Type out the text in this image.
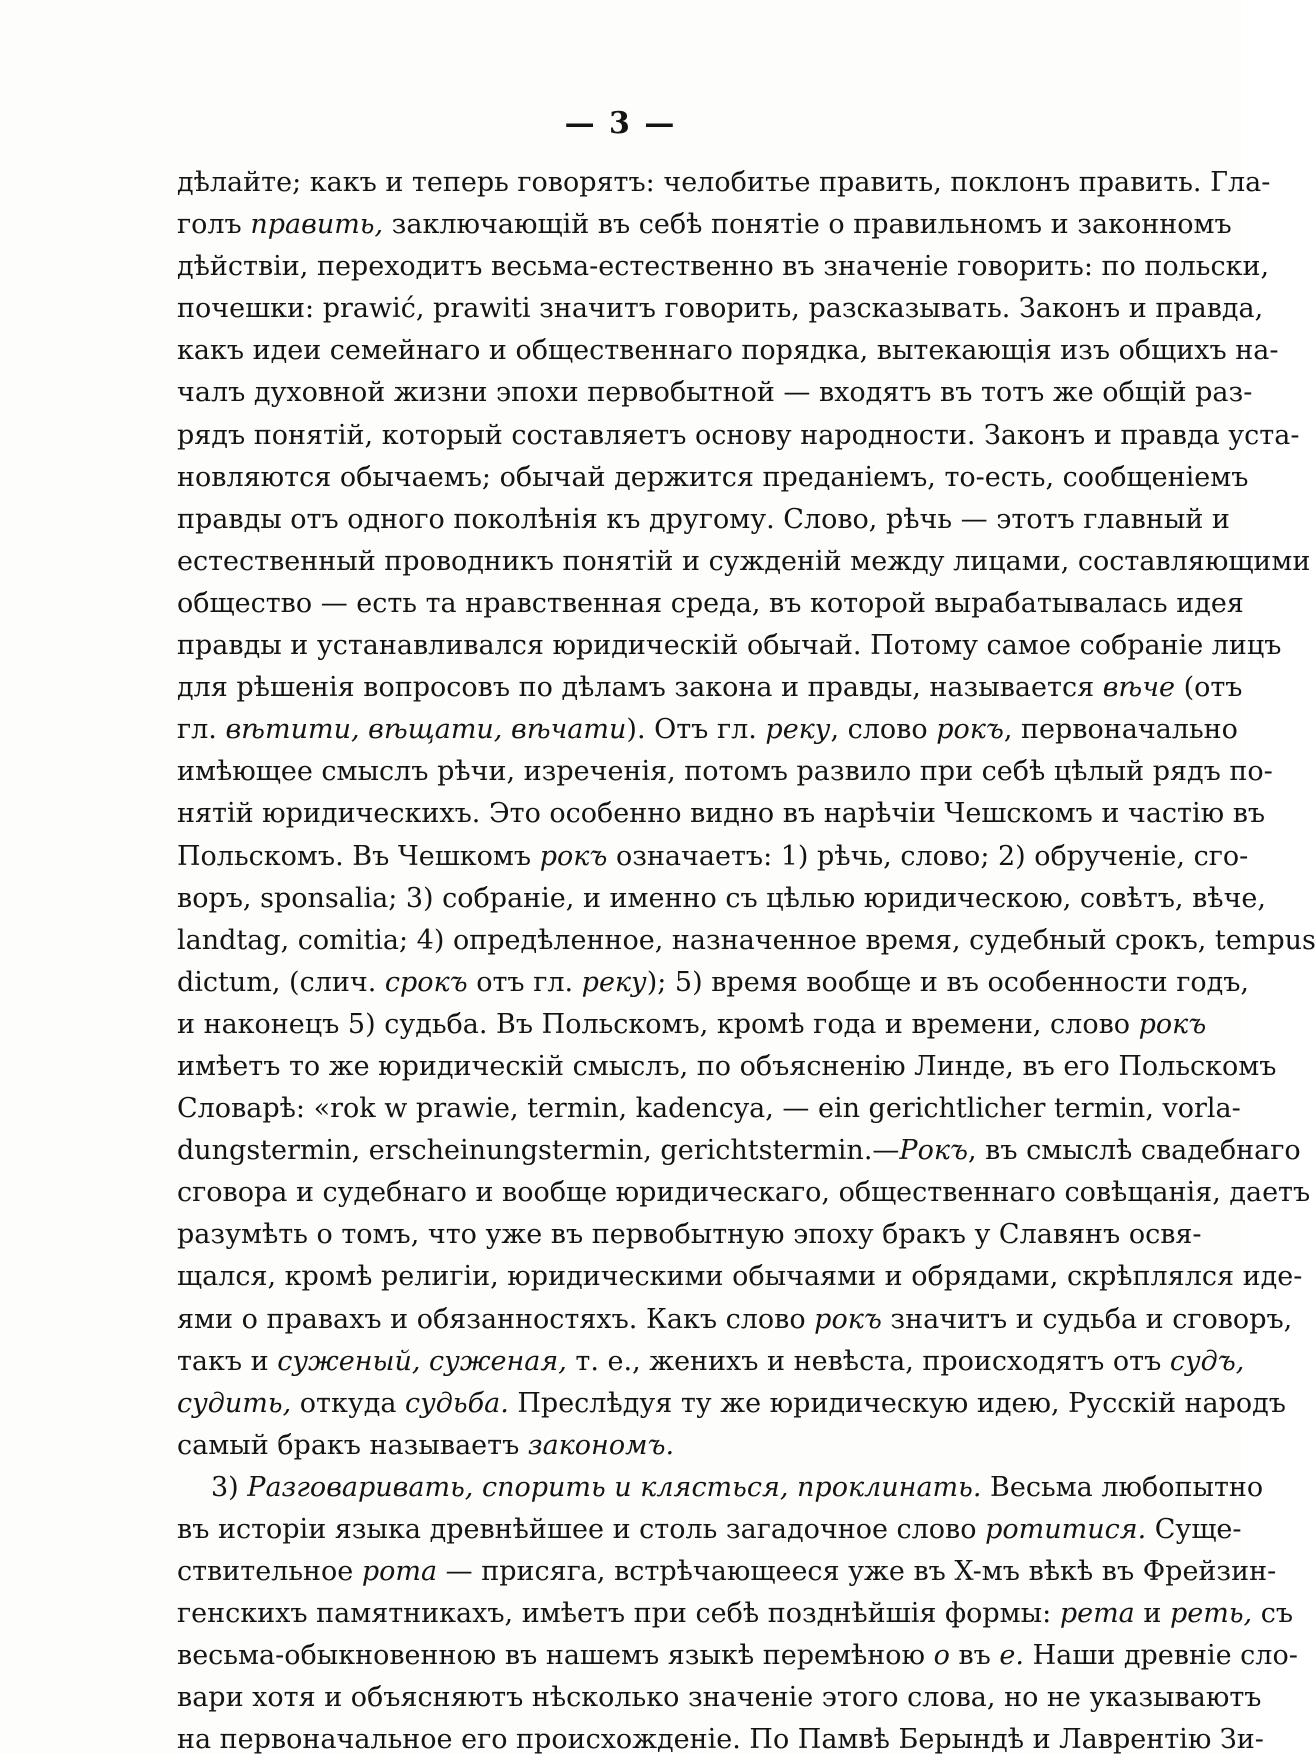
— 3 —
дѣлайте; какъ и теперь говорятъ: челобитье править, поклонъ править. Гла-
голъ править, заключающій въ себѣ понятіе о правильномъ и законномъ
дѣйствіи, переходитъ весьма-естественно въ значеніе говорить: по польски,
почешки: prawić, prawiti значитъ говорить, разсказывать. Законъ и правда,
какъ идеи семейнаго и общественнаго порядка, вытекающія изъ общихъ на-
чалъ духовной жизни эпохи первобытной — входятъ въ тотъ же общій раз-
рядъ понятій, который составляетъ основу народности. Законъ и правда уста-
новляются обычаемъ; обычай держится преданіемъ, то-есть, сообщеніемъ
правды отъ одного поколѣнія къ другому. Слово, рѣчь — этотъ главный и
естественный проводникъ понятій и сужденій между лицами, составляющими
общество — есть та нравственная среда, въ которой вырабатывалась идея
правды и устанавливался юридическій обычай. Потому самое собраніе лицъ
для рѣшенія вопросовъ по дѣламъ закона и правды, называется вѣче (отъ
гл. вѣтити, вѣщати, вѣчати). Отъ гл. реку, слово рокъ, первоначально
имѣющее смыслъ рѣчи, изреченія, потомъ развило при себѣ цѣлый рядъ по-
нятій юридическихъ. Это особенно видно въ нарѣчіи Чешскомъ и частію въ
Польскомъ. Въ Чешкомъ рокъ означаетъ: 1) рѣчь, слово; 2) обрученіе, сго-
воръ, sponsalia; 3) собраніе, и именно съ цѣлью юридическою, совѣтъ, вѣче,
landtag, comitia; 4) опредѣленное, назначенное время, судебный срокъ, tempus
dictum, (слич. срокъ отъ гл. реку); 5) время вообще и въ особенности годъ,
и наконецъ 5) судьба. Въ Польскомъ, кромѣ года и времени, слово рокъ
имѣетъ то же юридическій смыслъ, по объясненію Линде, въ его Польскомъ
Словарѣ: «rok w prawie, termin, kadencya, — ein gerichtlicher termin, vorla-
dungstermin, erscheinungstermin, gerichtstermin.—Рокъ, въ смыслѣ свадебнаго
сговора и судебнаго и вообще юридическаго, общественнаго совѣщанія, даетъ
разумѣть о томъ, что уже въ первобытную эпоху бракъ у Славянъ освя-
щался, кромѣ религіи, юридическими обычаями и обрядами, скрѣплялся иде-
ями о правахъ и обязанностяхъ. Какъ слово рокъ значитъ и судьба и сговоръ,
такъ и суженый, суженая, т. е., женихъ и невѣста, происходятъ отъ судъ,
судить, откуда судьба. Преслѣдуя ту же юридическую идею, Русскій народъ
самый бракъ называетъ закономъ.
3) Разговаривать, спорить и клясться, проклинать. Весьма любопытно
въ исторіи языка древнѣйшее и столь загадочное слово ротитися. Суще-
ствительное рота — присяга, встрѣчающееся уже въ X-мъ вѣкѣ въ Фрейзин-
генскихъ памятникахъ, имѣетъ при себѣ позднѣйшія формы: рета и реть, съ
весьма-обыкновенною въ нашемъ языкѣ перемѣною о въ е. Наши древніе сло-
вари хотя и объясняютъ нѣсколько значеніе этого слова, но не указываютъ
на первоначальное его происхожденіе. По Памвѣ Берындѣ и Лаврентію Зи-
